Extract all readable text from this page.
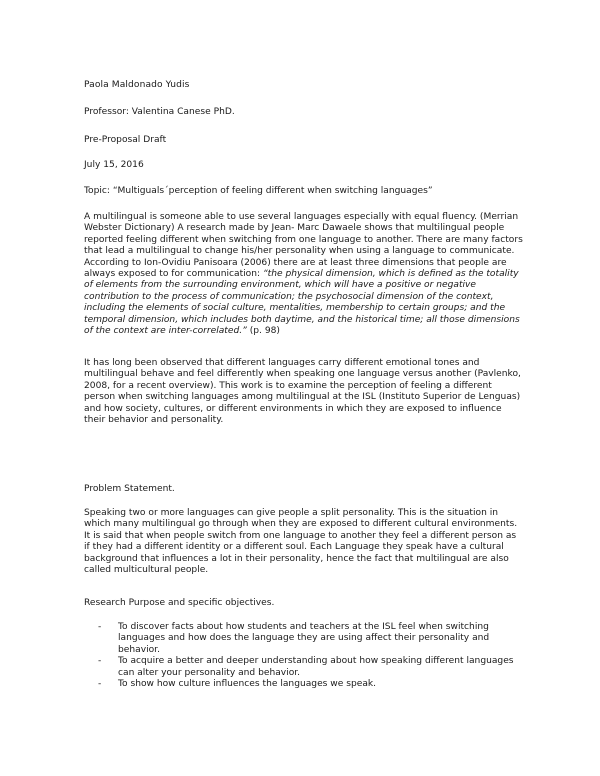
Paola Maldonado Yudis

Professor: Valentina Canese PhD.

Pre-Proposal Draft

July 15, 2016

Topic: “Multiguals´perception of feeling different when switching languages”

A multilingual is someone able to use several languages especially with equal fluency. (Merrian Webster Dictionary) A research made by Jean- Marc Dawaele shows that multilingual people reported feeling different when switching from one language to another. There are many factors that lead a multilingual to change his/her personality when using a language to communicate. According to Ion-Ovidiu Panisoara (2006) there are at least three dimensions that people are always exposed to for communication: “the physical dimension, which is defined as the totality of elements from the surrounding environment, which will have a positive or negative contribution to the process of communication; the psychosocial dimension of the context, including the elements of social culture, mentalities, membership to certain groups; and the temporal dimension, which includes both daytime, and the historical time; all those dimensions of the context are inter-correlated.” (p. 98)

It has long been observed that different languages carry different emotional tones and multilingual behave and feel differently when speaking one language versus another (Pavlenko, 2008, for a recent overview). This work is to examine the perception of feeling a different person when switching languages among multilingual at the ISL (Instituto Superior de Lenguas) and how society, cultures, or different environments in which they are exposed to influence their behavior and personality.

Problem Statement.

Speaking two or more languages can give people a split personality. This is the situation in which many multilingual go through when they are exposed to different cultural environments. It is said that when people switch from one language to another they feel a different person as if they had a different identity or a different soul. Each Language they speak have a cultural background that influences a lot in their personality, hence the fact that multilingual are also called multicultural people.

Research Purpose and specific objectives.

- To discover facts about how students and teachers at the ISL feel when switching languages and how does the language they are using affect their personality and behavior.
- To acquire a better and deeper understanding about how speaking different languages can alter your personality and behavior.
- To show how culture influences the languages we speak.
